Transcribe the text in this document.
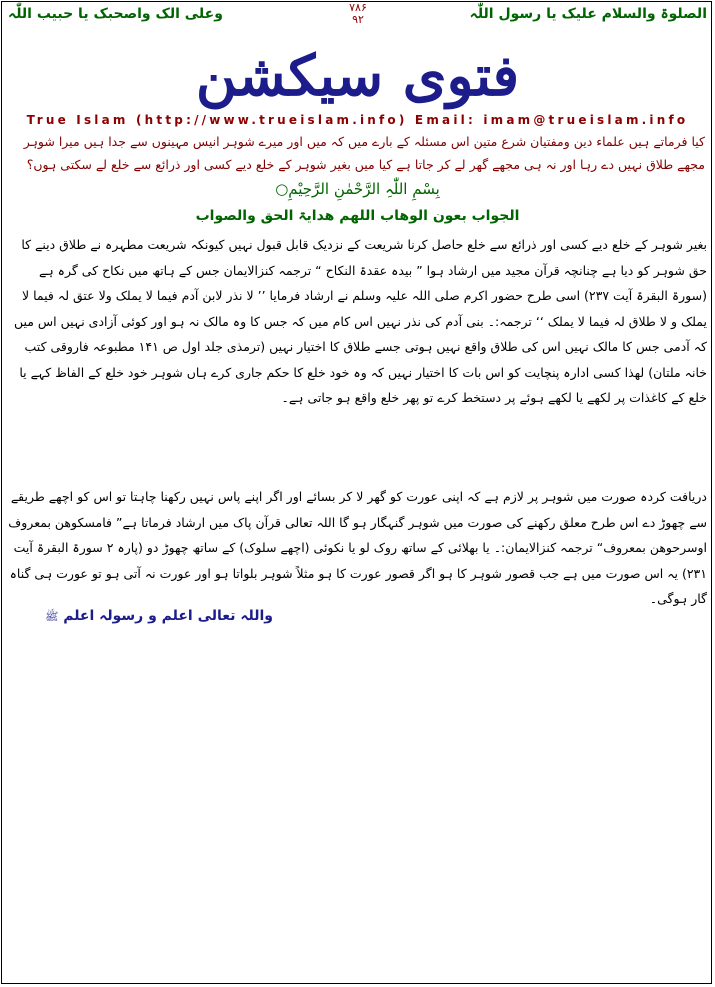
الصلوۃ والسلام علیک یا رسول اللّٰہ
۷۸۶
۹۲
وعلی الک واصحبک یا حبیب اللّٰہ
فتوی سیکشن
True Islam (http://www.trueislam.info) Email: imam@trueislam.info
کیا فرماتے ہیں علماء دین ومفتیان شرع متین اس مسئلہ کے بارے میں کہ میں اور میرے شوہر انیس مہینوں سے جدا ہیں میرا شوہر مجھے طلاق نہیں دے رہا اور نہ ہی مجھے گھر لے کر جاتا ہے کیا میں بغیر شوہر کے خلع دیے کسی اور ذرائع سے خلع لے سکتی ہوں؟
بِسْمِ اللّٰہِ الرَّحْمٰنِ الرَّحِیْمِ○
الجواب بعون الوھاب اللھم ھدایۃ الحق والصواب
بغیر شوہر کے خلع دیے کسی اور ذرائع سے خلع حاصل کرنا شریعت کے نزدیک قابل قبول نہیں کیونکہ شریعت مطہرہ نے طلاق دینے کا حق شوہر کو دیا ہے چنانچہ قرآن مجید میں ارشاد ہوا ” بیدہ عقدۃ النکاح “ ترجمہ کنزالایمان جس کے ہاتھ میں نکاح کی گرہ ہے (سورۃ البقرۃ آیت ۲۳۷) اسی طرح حضور اکرم صلی اللہ علیہ وسلم نے ارشاد فرمایا ’’ لا نذر لابن آدم فیما لا یملک ولا عتق لہ فیما لا یملک و لا طلاق لہ فیما لا یملک ‘‘ ترجمہ:۔ بنی آدم کی نذر نہیں اس کام میں کہ جس کا وہ مالک نہ ہو اور کوئی آزادی نہیں اس میں کہ آدمی جس کا مالک نہیں اس کی طلاق واقع نہیں ہوتی جسے طلاق کا اختیار نہیں (ترمذی جلد اول ص ۱۴۱ مطبوعہ فاروقی کتب خانہ ملتان) لھذا کسی ادارہ پنچایت کو اس بات کا اختیار نہیں کہ وہ خود خلع کا حکم جاری کرے ہاں شوہر خود خلع کے الفاظ کہے یا خلع کے کاغذات پر لکھے یا لکھے ہوئے پر دستخط کرے تو پھر خلع واقع ہو جاتی ہے۔
دریافت کردہ صورت میں شوہر پر لازم ہے کہ اپنی عورت کو گھر لا کر بسائے اور اگر اپنے پاس نہیں رکھنا چاہتا تو اس کو اچھے طریقے سے چھوڑ دے اس طرح معلق رکھنے کی صورت میں شوہر گنہگار ہو گا اللہ تعالی قرآن پاک میں ارشاد فرماتا ہے” فامسکوھن بمعروف اوسرحوھن بمعروف“ ترجمہ کنزالایمان:۔ یا بھلائی کے ساتھ روک لو یا نکوئی (اچھے سلوک) کے ساتھ چھوڑ دو (پارہ ۲ سورۃ البقرۃ آیت ۲۳۱) یہ اس صورت میں ہے جب قصور شوہر کا ہو اگر قصور عورت کا ہو مثلاً شوہر بلواتا ہو اور عورت نہ آتی ہو تو عورت ہی گناہ گار ہوگی۔
واللہ تعالی اعلم و رسولہ اعلم ﷺ
